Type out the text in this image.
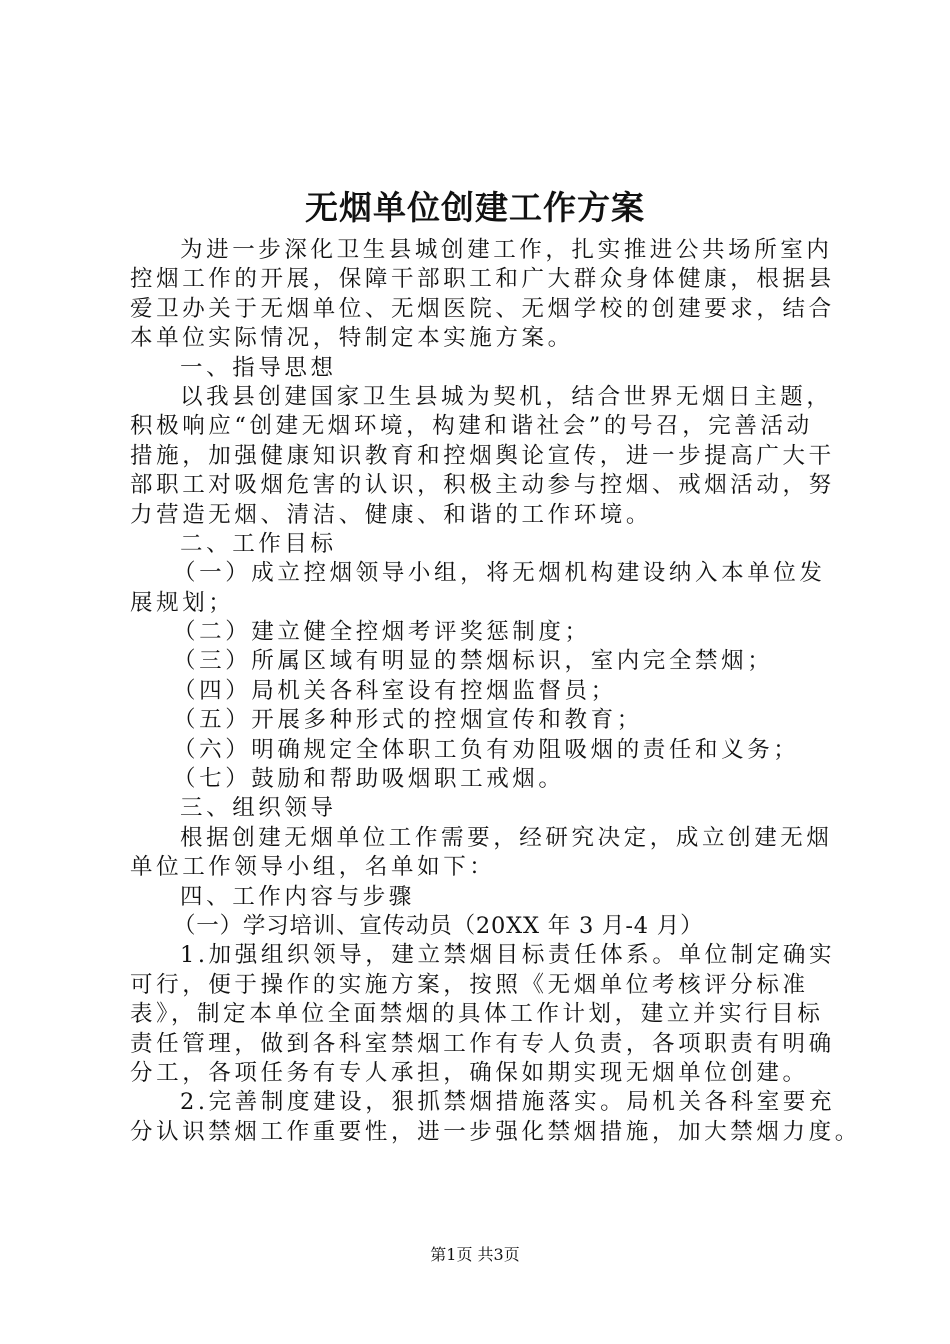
无烟单位创建工作方案
为进一步深化卫生县城创建工作，扎实推进公共场所室内
控烟工作的开展，保障干部职工和广大群众身体健康，根据县
爱卫办关于无烟单位、无烟医院、无烟学校的创建要求，结合
本单位实际情况，特制定本实施方案。
一、指导思想
以我县创建国家卫生县城为契机，结合世界无烟日主题，
积极响应“创建无烟环境，构建和谐社会”的号召，完善活动
措施，加强健康知识教育和控烟舆论宣传，进一步提高广大干
部职工对吸烟危害的认识，积极主动参与控烟、戒烟活动，努
力营造无烟、清洁、健康、和谐的工作环境。
二、工作目标
（一）成立控烟领导小组，将无烟机构建设纳入本单位发
展规划；
（二）建立健全控烟考评奖惩制度；
（三）所属区域有明显的禁烟标识，室内完全禁烟；
（四）局机关各科室设有控烟监督员；
（五）开展多种形式的控烟宣传和教育；
（六）明确规定全体职工负有劝阻吸烟的责任和义务；
（七）鼓励和帮助吸烟职工戒烟。
三、组织领导
根据创建无烟单位工作需要，经研究决定，成立创建无烟
单位工作领导小组，名单如下：
四、工作内容与步骤
（一）学习培训、宣传动员（20XX 年 3 月-4 月）
1.加强组织领导，建立禁烟目标责任体系。单位制定确实
可行，便于操作的实施方案，按照《无烟单位考核评分标准
表》，制定本单位全面禁烟的具体工作计划，建立并实行目标
责任管理，做到各科室禁烟工作有专人负责，各项职责有明确
分工，各项任务有专人承担，确保如期实现无烟单位创建。
2.完善制度建设，狠抓禁烟措施落实。局机关各科室要充
分认识禁烟工作重要性，进一步强化禁烟措施，加大禁烟力度。
第1页 共3页
